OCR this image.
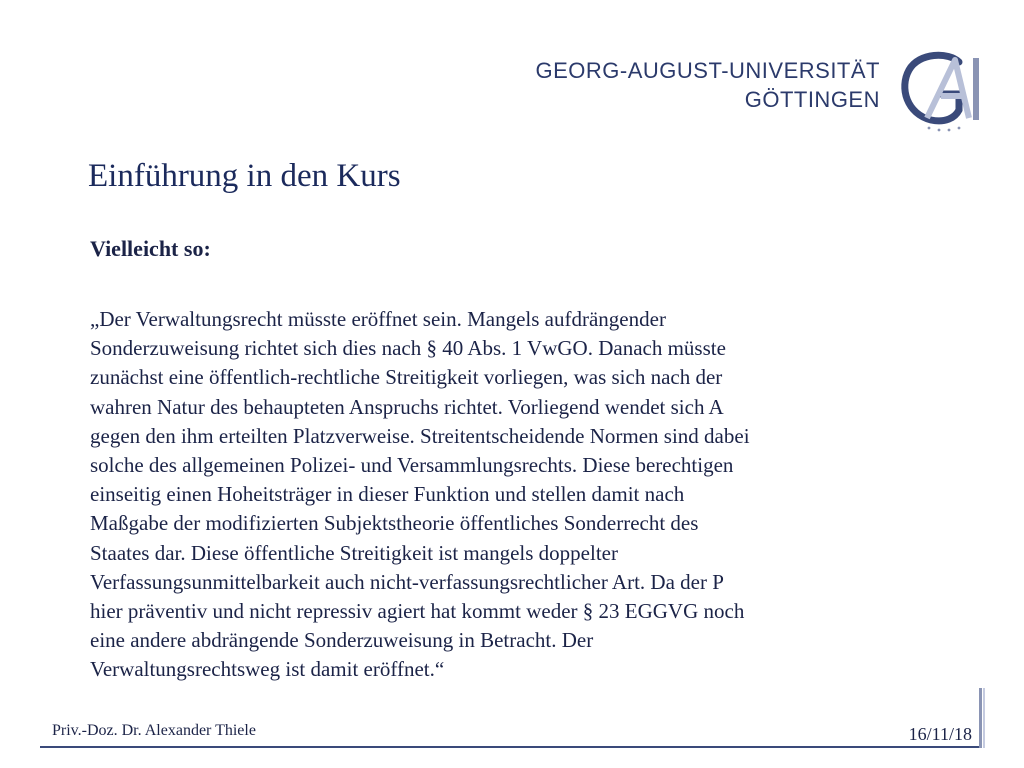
GEORG-AUGUST-UNIVERSITÄT
GÖTTINGEN
Einführung in den Kurs
Vielleicht so:
„Der Verwaltungsrecht müsste eröffnet sein. Mangels aufdrängender
Sonderzuweisung richtet sich dies nach § 40 Abs. 1 VwGO. Danach müsste
zunächst eine öffentlich-rechtliche Streitigkeit vorliegen, was sich nach der
wahren Natur des behaupteten Anspruchs richtet. Vorliegend wendet sich A
gegen den ihm erteilten Platzverweise. Streitentscheidende Normen sind dabei
solche des allgemeinen Polizei- und Versammlungsrechts. Diese berechtigen
einseitig einen Hoheitsträger in dieser Funktion und stellen damit nach
Maßgabe der modifizierten Subjektstheorie öffentliches Sonderrecht des
Staates dar. Diese öffentliche Streitigkeit ist mangels doppelter
Verfassungsunmittelbarkeit auch nicht-verfassungsrechtlicher Art. Da der P
hier präventiv und nicht repressiv agiert hat kommt weder § 23 EGGVG noch
eine andere abdrängende Sonderzuweisung in Betracht. Der
Verwaltungsrechtsweg ist damit eröffnet.“
Priv.-Doz. Dr. Alexander Thiele	16/11/18
